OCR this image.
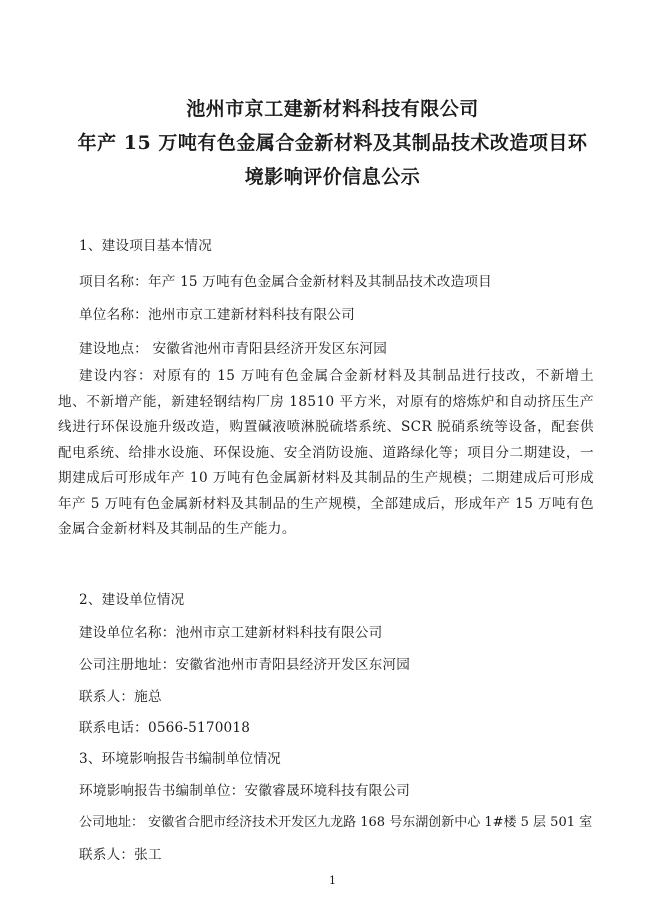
池州市京工建新材料科技有限公司
年产 15 万吨有色金属合金新材料及其制品技术改造项目环
境影响评价信息公示
1、建设项目基本情况
项目名称：年产 15 万吨有色金属合金新材料及其制品技术改造项目
单位名称：池州市京工建新材料科技有限公司
建设地点： 安徽省池州市青阳县经济开发区东河园
建设内容：对原有的 15 万吨有色金属合金新材料及其制品进行技改，不新增土地、不新增产能，新建轻钢结构厂房 18510 平方米，对原有的熔炼炉和自动挤压生产线进行环保设施升级改造，购置碱液喷淋脱硫塔系统、SCR 脱硝系统等设备，配套供配电系统、给排水设施、环保设施、安全消防设施、道路绿化等；项目分二期建设，一期建成后可形成年产 10 万吨有色金属新材料及其制品的生产规模；二期建成后可形成年产 5 万吨有色金属新材料及其制品的生产规模，全部建成后，形成年产 15 万吨有色金属合金新材料及其制品的生产能力。
2、建设单位情况
建设单位名称：池州市京工建新材料科技有限公司
公司注册地址：安徽省池州市青阳县经济开发区东河园
联系人：施总
联系电话：0566-5170018
3、环境影响报告书编制单位情况
环境影响报告书编制单位：安徽睿晟环境科技有限公司
公司地址： 安徽省合肥市经济技术开发区九龙路 168 号东湖创新中心 1#楼 5 层 501 室
联系人：张工
1
